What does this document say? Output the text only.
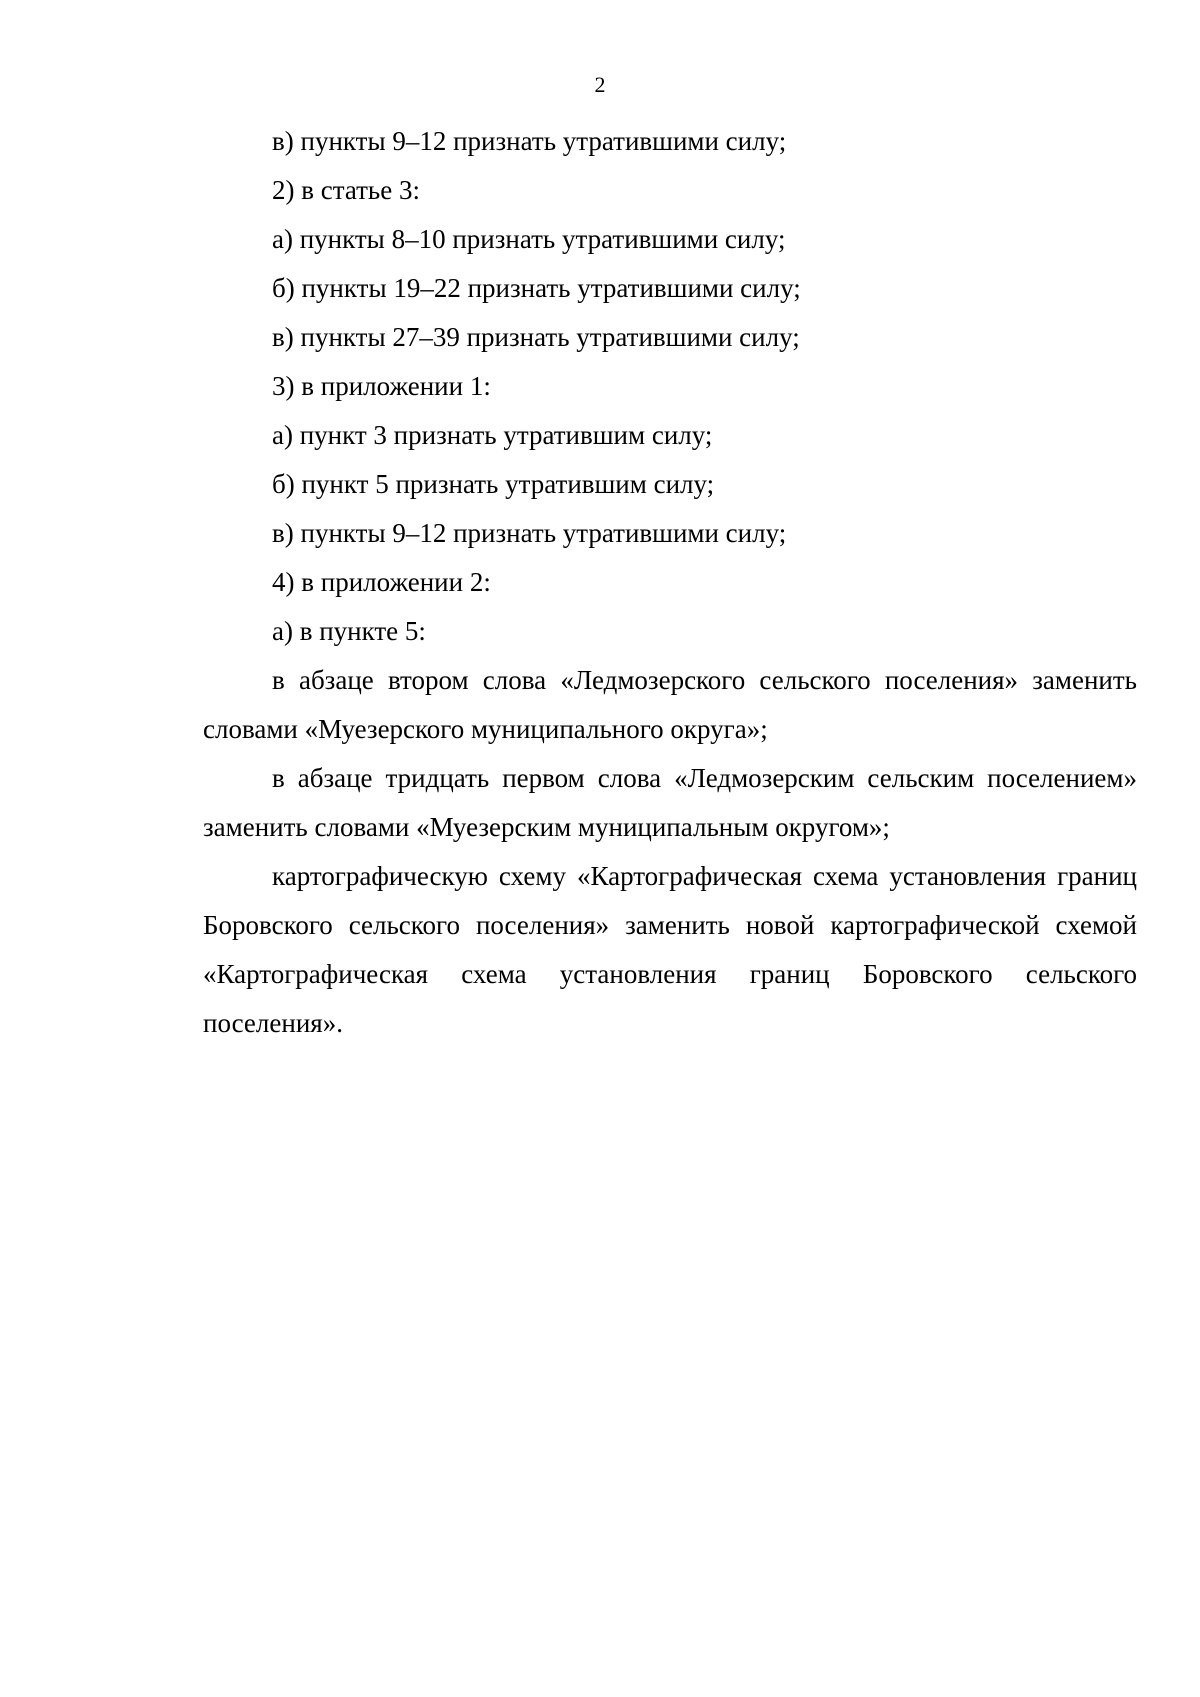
2

в) пункты 9–12 признать утратившими силу;

2) в статье 3:

а) пункты 8–10 признать утратившими силу;

б) пункты 19–22 признать утратившими силу;

в) пункты 27–39 признать утратившими силу;

3) в приложении 1:

а) пункт 3 признать утратившим силу;

б) пункт 5 признать утратившим силу;

в) пункты 9–12 признать утратившими силу;

4) в приложении 2:

а) в пункте 5:

в абзаце втором слова «Ледмозерского сельского поселения» заменить словами «Муезерского муниципального округа»;

в абзаце тридцать первом слова «Ледмозерским сельским поселением» заменить словами «Муезерским муниципальным округом»;

картографическую схему «Картографическая схема установления границ Боровского сельского поселения» заменить новой картографической схемой «Картографическая схема установления границ Боровского сельского поселения».
